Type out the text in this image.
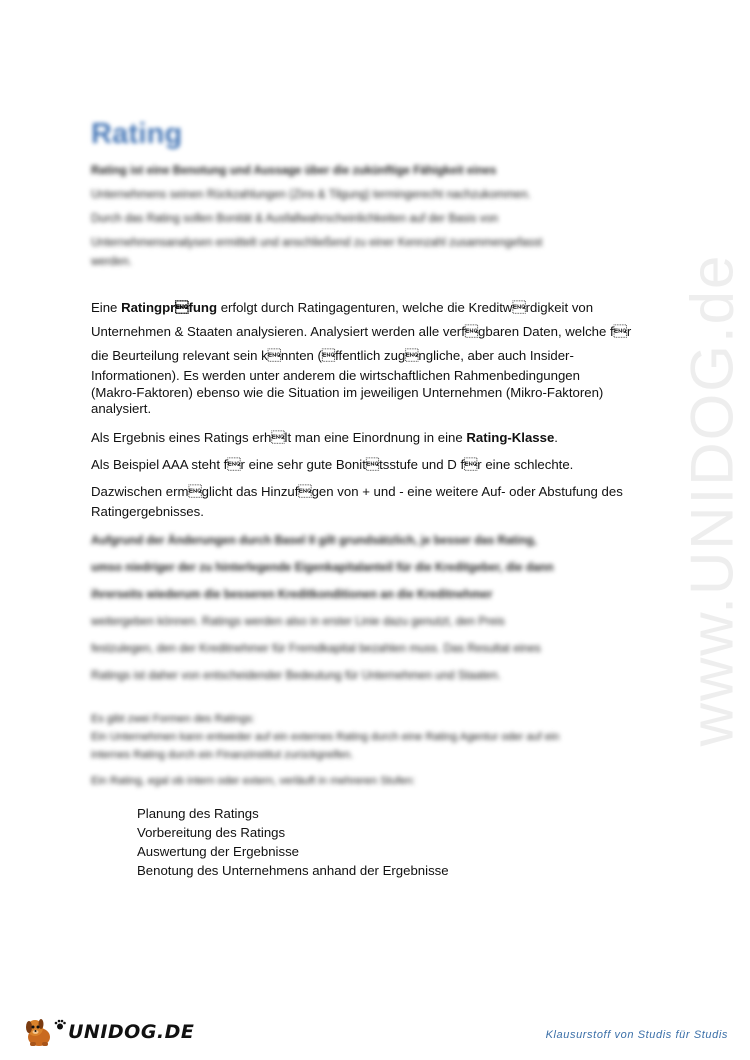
Rating
Rating ist eine Benotung und Aussage über die zukünftige Fähigkeit eines
Unternehmens seinen Rückzahlungen (Zins & Tilgung) termingerecht nachzukommen.
Durch das Rating sollen Bonität & Ausfallwahrscheinlichkeiten auf der Basis von
Unternehmensanalysen ermittelt und anschließend zu einer Kennzahl zusammengefasst
werden.
Eine Ratingprfung erfolgt durch Ratingagenturen, welche die Kreditwrdigkeit von
Unternehmen & Staaten analysieren. Analysiert werden alle verfgbaren Daten, welche fr
die Beurteilung relevant sein knnten (ffentlich zugngliche, aber auch Insider-
Informationen). Es werden unter anderem die wirtschaftlichen Rahmenbedingungen
(Makro-Faktoren) ebenso wie die Situation im jeweiligen Unternehmen (Mikro-Faktoren)
analysiert.
Als Ergebnis eines Ratings erhlt man eine Einordnung in eine Rating-Klasse.
Als Beispiel AAA steht fr eine sehr gute Bonittsstufe und D fr eine schlechte.
Dazwischen ermglicht das Hinzufgen von + und - eine weitere Auf- oder Abstufung des
Ratingergebnisses.
Aufgrund der Änderungen durch Basel II gilt grundsätzlich, je besser das Rating,
umso niedriger der zu hinterlegende Eigenkapitalanteil für die Kreditgeber, die dann
ihrerseits wiederum die besseren Kreditkonditionen an die Kreditnehmer
weitergeben können. Ratings werden also in erster Linie dazu genutzt, den Preis
festzulegen, den der Kreditnehmer für Fremdkapital bezahlen muss. Das Resultat eines
Ratings ist daher von entscheidender Bedeutung für Unternehmen und Staaten.
Es gibt zwei Formen des Ratings:
Ein Unternehmen kann entweder auf ein externes Rating durch eine Rating Agentur oder auf ein
internes Rating durch ein Finanzinstitut zurückgreifen.
Ein Rating, egal ob intern oder extern, verläuft in mehreren Stufen:
Planung des Ratings
Vorbereitung des Ratings
Auswertung der Ergebnisse
Benotung des Unternehmens anhand der Ergebnisse
www.UNIDOG.de
UNIDOG.DE	Klausurstoff von Studis für Studis
